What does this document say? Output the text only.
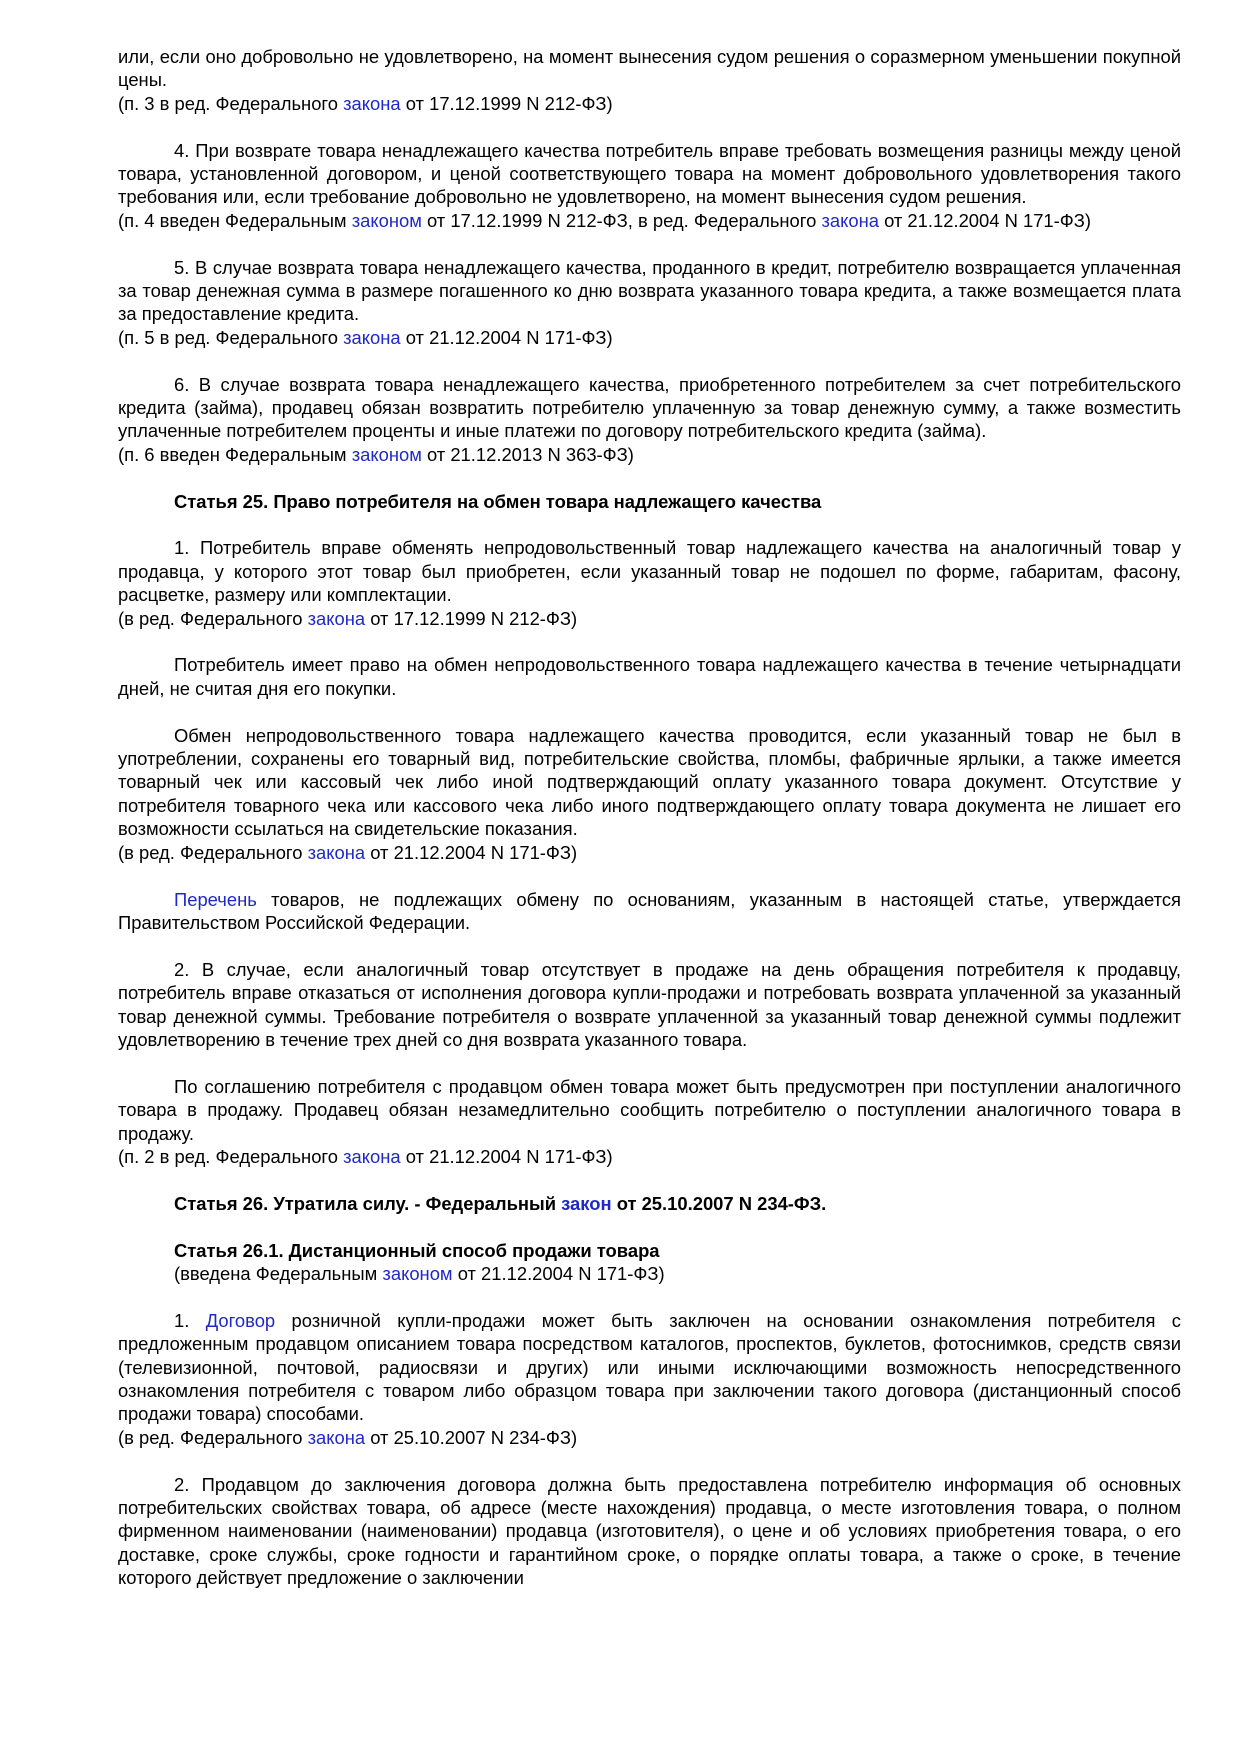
или, если оно добровольно не удовлетворено, на момент вынесения судом решения о соразмерном уменьшении покупной цены.

(п. 3 в ред. Федерального закона от 17.12.1999 N 212-ФЗ)

4. При возврате товара ненадлежащего качества потребитель вправе требовать возмещения разницы между ценой товара, установленной договором, и ценой соответствующего товара на момент добровольного удовлетворения такого требования или, если требование добровольно не удовлетворено, на момент вынесения судом решения.

(п. 4 введен Федеральным законом от 17.12.1999 N 212-ФЗ, в ред. Федерального закона от 21.12.2004 N 171-ФЗ)

5. В случае возврата товара ненадлежащего качества, проданного в кредит, потребителю возвращается уплаченная за товар денежная сумма в размере погашенного ко дню возврата указанного товара кредита, а также возмещается плата за предоставление кредита.

(п. 5 в ред. Федерального закона от 21.12.2004 N 171-ФЗ)

6. В случае возврата товара ненадлежащего качества, приобретенного потребителем за счет потребительского кредита (займа), продавец обязан возвратить потребителю уплаченную за товар денежную сумму, а также возместить уплаченные потребителем проценты и иные платежи по договору потребительского кредита (займа).

(п. 6 введен Федеральным законом от 21.12.2013 N 363-ФЗ)

Статья 25. Право потребителя на обмен товара надлежащего качества

1. Потребитель вправе обменять непродовольственный товар надлежащего качества на аналогичный товар у продавца, у которого этот товар был приобретен, если указанный товар не подошел по форме, габаритам, фасону, расцветке, размеру или комплектации.

(в ред. Федерального закона от 17.12.1999 N 212-ФЗ)

Потребитель имеет право на обмен непродовольственного товара надлежащего качества в течение четырнадцати дней, не считая дня его покупки.

Обмен непродовольственного товара надлежащего качества проводится, если указанный товар не был в употреблении, сохранены его товарный вид, потребительские свойства, пломбы, фабричные ярлыки, а также имеется товарный чек или кассовый чек либо иной подтверждающий оплату указанного товара документ. Отсутствие у потребителя товарного чека или кассового чека либо иного подтверждающего оплату товара документа не лишает его возможности ссылаться на свидетельские показания.

(в ред. Федерального закона от 21.12.2004 N 171-ФЗ)

Перечень товаров, не подлежащих обмену по основаниям, указанным в настоящей статье, утверждается Правительством Российской Федерации.

2. В случае, если аналогичный товар отсутствует в продаже на день обращения потребителя к продавцу, потребитель вправе отказаться от исполнения договора купли-продажи и потребовать возврата уплаченной за указанный товар денежной суммы. Требование потребителя о возврате уплаченной за указанный товар денежной суммы подлежит удовлетворению в течение трех дней со дня возврата указанного товара.

По соглашению потребителя с продавцом обмен товара может быть предусмотрен при поступлении аналогичного товара в продажу. Продавец обязан незамедлительно сообщить потребителю о поступлении аналогичного товара в продажу.

(п. 2 в ред. Федерального закона от 21.12.2004 N 171-ФЗ)

Статья 26. Утратила силу. - Федеральный закон от 25.10.2007 N 234-ФЗ.

Статья 26.1. Дистанционный способ продажи товара

(введена Федеральным законом от 21.12.2004 N 171-ФЗ)

1. Договор розничной купли-продажи может быть заключен на основании ознакомления потребителя с предложенным продавцом описанием товара посредством каталогов, проспектов, буклетов, фотоснимков, средств связи (телевизионной, почтовой, радиосвязи и других) или иными исключающими возможность непосредственного ознакомления потребителя с товаром либо образцом товара при заключении такого договора (дистанционный способ продажи товара) способами.

(в ред. Федерального закона от 25.10.2007 N 234-ФЗ)

2. Продавцом до заключения договора должна быть предоставлена потребителю информация об основных потребительских свойствах товара, об адресе (месте нахождения) продавца, о месте изготовления товара, о полном фирменном наименовании (наименовании) продавца (изготовителя), о цене и об условиях приобретения товара, о его доставке, сроке службы, сроке годности и гарантийном сроке, о порядке оплаты товара, а также о сроке, в течение которого действует предложение о заключении
